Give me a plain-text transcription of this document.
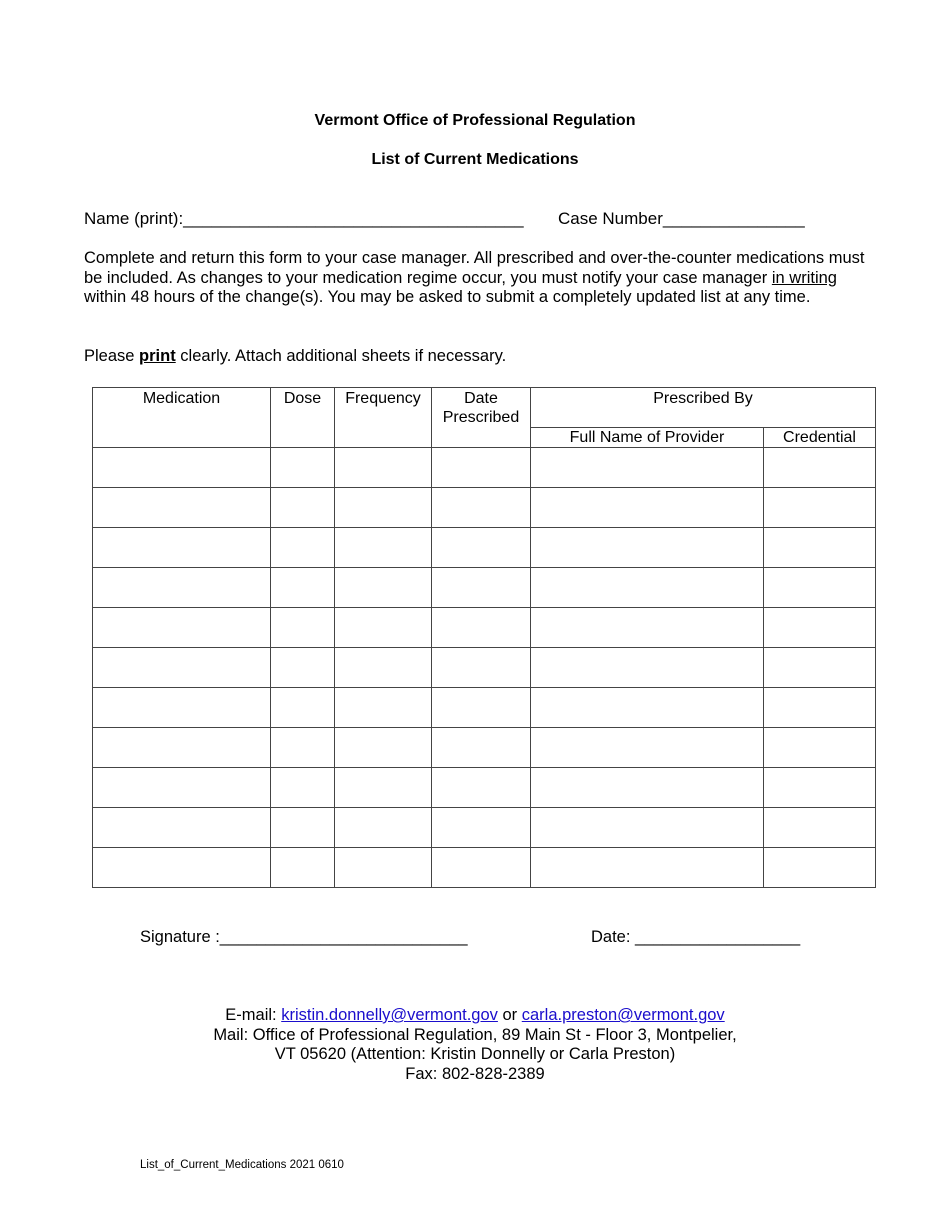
Vermont Office of Professional Regulation
List of Current Medications
Name (print):____________________________________ Case Number_______________
Complete and return this form to your case manager. All prescribed and over-the-counter medications must be included. As changes to your medication regime occur, you must notify your case manager in writing within 48 hours of the change(s). You may be asked to submit a completely updated list at any time.
Please print clearly. Attach additional sheets if necessary.
Medication	Dose	Frequency	Date Prescribed	Prescribed By	
				Full Name of Provider	Credential

Signature :___________________________	Date: __________________
E-mail: kristin.donnelly@vermont.gov or carla.preston@vermont.gov
Mail: Office of Professional Regulation, 89 Main St - Floor 3, Montpelier,
VT 05620 (Attention: Kristin Donnelly or Carla Preston)
Fax: 802-828-2389
List_of_Current_Medications 2021 0610
